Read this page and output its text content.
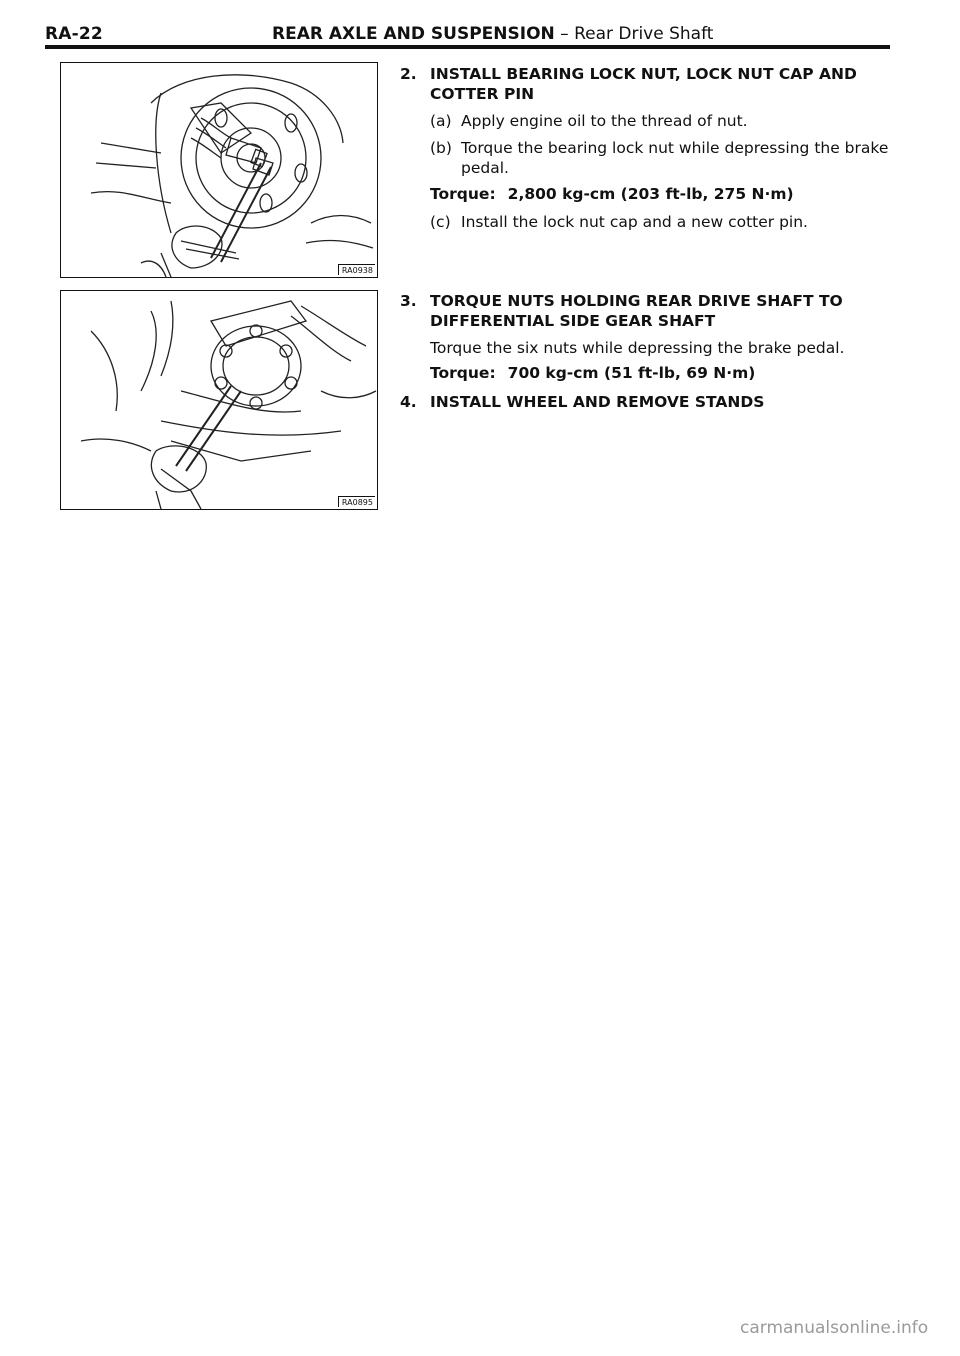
RA-22	REAR AXLE AND SUSPENSION – Rear Drive Shaft
RA0938
RA0895
2. INSTALL BEARING LOCK NUT, LOCK NUT CAP AND
COTTER PIN
(a) Apply engine oil to the thread of nut.
(b) Torque the bearing lock nut while depressing the brake
pedal.
Torque: 2,800 kg-cm (203 ft-lb, 275 N·m)
(c) Install the lock nut cap and a new cotter pin.
3. TORQUE NUTS HOLDING REAR DRIVE SHAFT TO
DIFFERENTIAL SIDE GEAR SHAFT
Torque the six nuts while depressing the brake pedal.
Torque: 700 kg-cm (51 ft-lb, 69 N·m)
4. INSTALL WHEEL AND REMOVE STANDS
carmanualsonline.info
